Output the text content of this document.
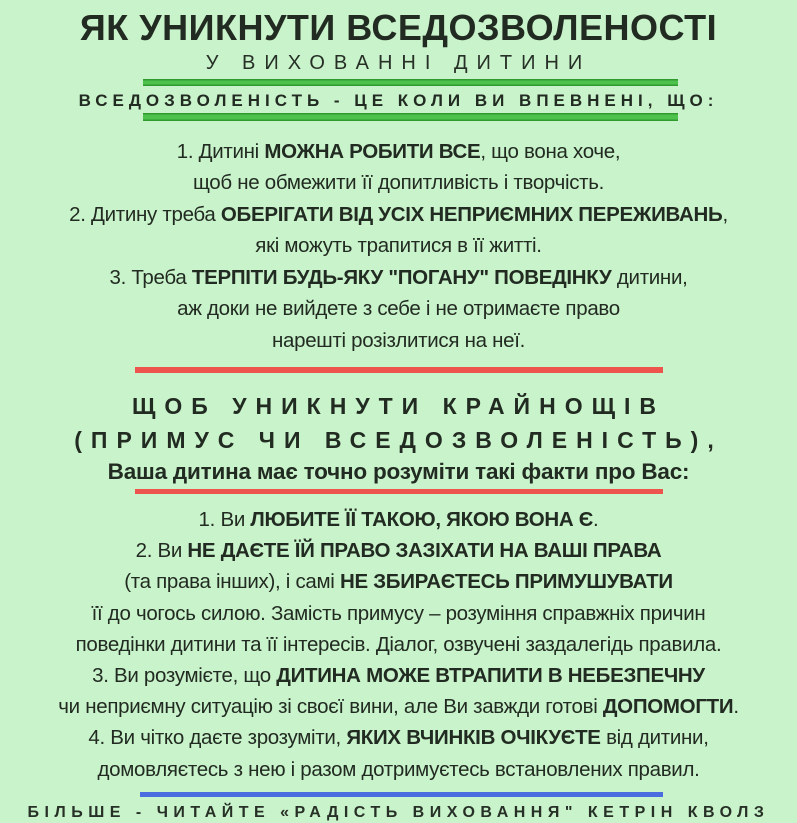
ЯК УНИКНУТИ ВСЕДОЗВОЛЕНОСТІ
У ВИХОВАННІ ДИТИНИ
ВСЕДОЗВОЛЕНІСТЬ - ЦЕ КОЛИ ВИ ВПЕВНЕНІ, ЩО:
1. Дитині МОЖНА РОБИТИ ВСЕ, що вона хоче,
щоб не обмежити її допитливість і творчість.
2. Дитину треба ОБЕРІГАТИ ВІД УСІХ НЕПРИЄМНИХ ПЕРЕЖИВАНЬ,
які можуть трапитися в її житті.
3. Треба ТЕРПІТИ БУДЬ-ЯКУ "ПОГАНУ" ПОВЕДІНКУ дитини,
аж доки не вийдете з себе і не отримаєте право
нарешті розізлитися на неї.
ЩОБ УНИКНУТИ КРАЙНОЩІВ
(ПРИМУС ЧИ ВСЕДОЗВОЛЕНІСТЬ),
Ваша дитина має точно розуміти такі факти про Вас:
1. Ви ЛЮБИТЕ ЇЇ ТАКОЮ, ЯКОЮ ВОНА Є.
2. Ви НЕ ДАЄТЕ ЇЙ ПРАВО ЗАЗІХАТИ НА ВАШІ ПРАВА
(та права інших), і самі НЕ ЗБИРАЄТЕСЬ ПРИМУШУВАТИ
її до чогось силою. Замість примусу – розуміння справжніх причин
поведінки дитини та її інтересів. Діалог, озвучені заздалегідь правила.
3. Ви розумієте, що ДИТИНА МОЖЕ ВТРАПИТИ В НЕБЕЗПЕЧНУ
чи неприємну ситуацію зі своєї вини, але Ви завжди готові ДОПОМОГТИ.
4. Ви чітко даєте зрозуміти, ЯКИХ ВЧИНКІВ ОЧІКУЄТЕ від дитини,
домовляєтесь з нею і разом дотримуєтесь встановлених правил.
БІЛЬШЕ - ЧИТАЙТЕ «РАДІСТЬ ВИХОВАННЯ" КЕТРІН КВОЛЗ
